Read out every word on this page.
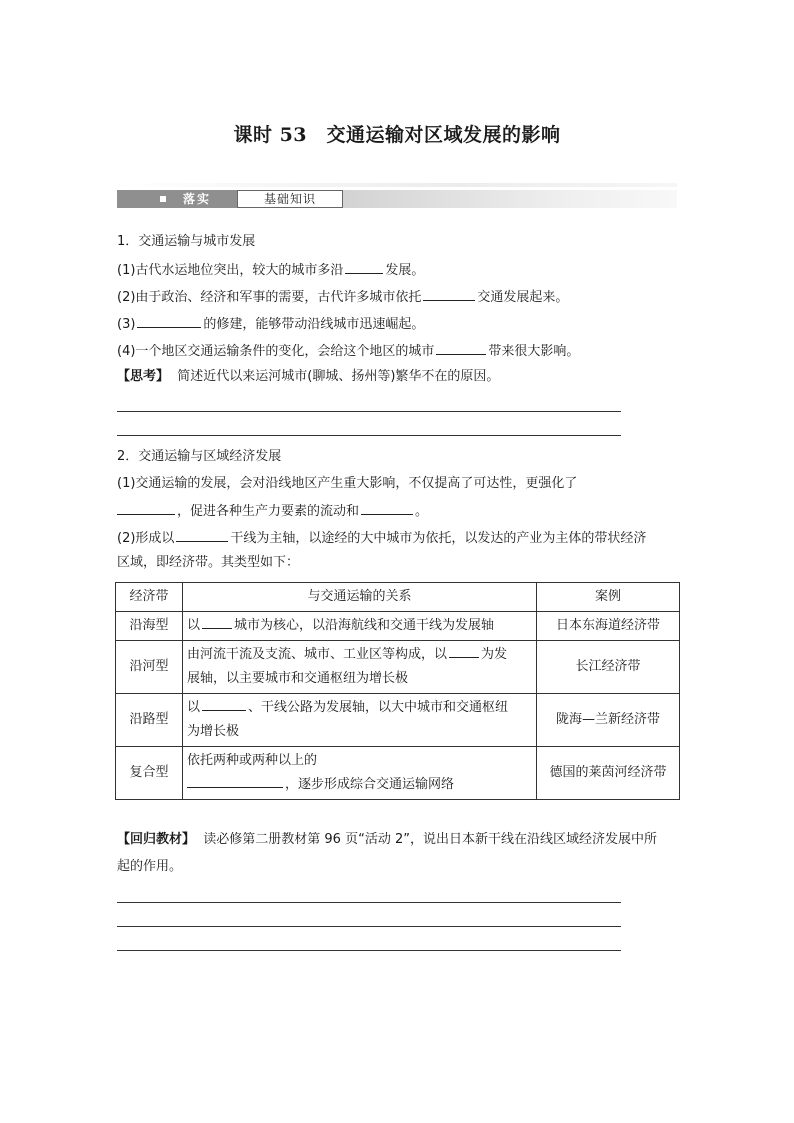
课时 53　交通运输对区域发展的影响
落实	基础知识
1．交通运输与城市发展
(1)古代水运地位突出，较大的城市多沿	发展。
(2)由于政治、经济和军事的需要，古代许多城市依托	交通发展起来。
(3)	的修建，能够带动沿线城市迅速崛起。
(4)一个地区交通运输条件的变化，会给这个地区的城市	带来很大影响。
【思考】 简述近代以来运河城市(聊城、扬州等)繁华不在的原因。
2．交通运输与区域经济发展
(1)交通运输的发展，会对沿线地区产生重大影响，不仅提高了可达性，更强化了
，促进各种生产力要素的流动和	。
(2)形成以	干线为主轴，以途经的大中城市为依托，以发达的产业为主体的带状经济
区域，即经济带。其类型如下：
经济带	与交通运输的关系	案例
沿海型	以 城市为核心，以沿海航线和交通干线为发展轴	日本东海道经济带
沿河型	由河流干流及支流、城市、工业区等构成，以 为发
展轴，以主要城市和交通枢纽为增长极	长江经济带
沿路型	以 、干线公路为发展轴，以大中城市和交通枢纽
为增长极	陇海—兰新经济带
复合型	依托两种或两种以上的
，逐步形成综合交通运输网络	德国的莱茵河经济带
【回归教材】 读必修第二册教材第 96 页“活动 2”，说出日本新干线在沿线区域经济发展中所
起的作用。
